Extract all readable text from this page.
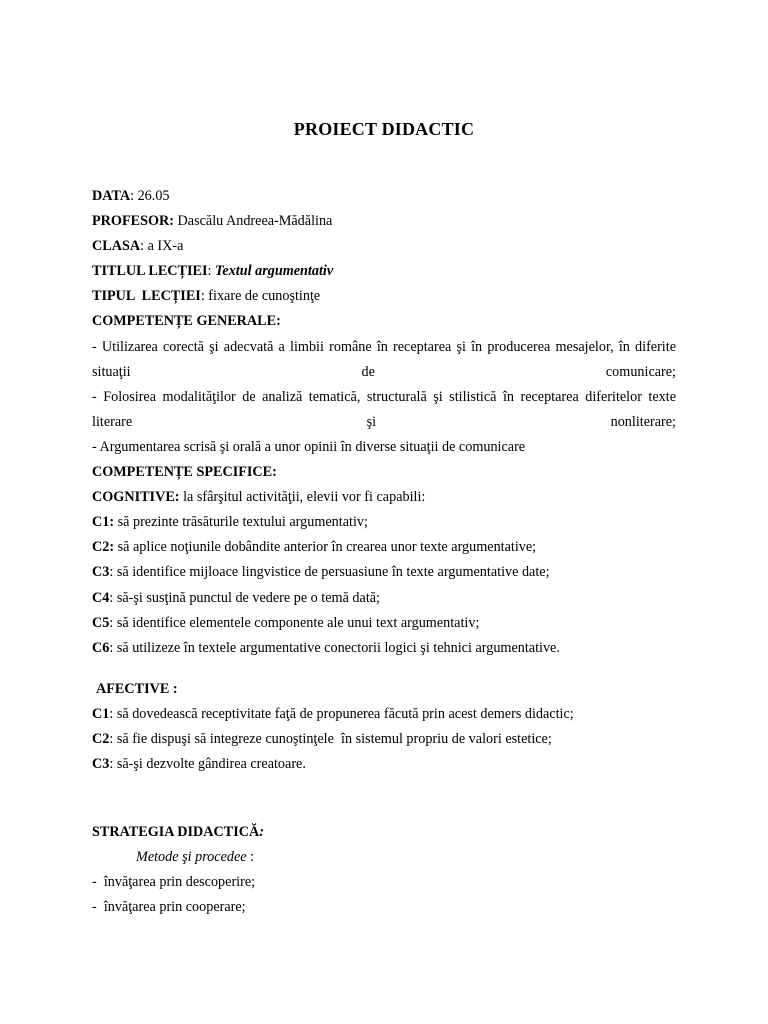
PROIECT DIDACTIC
DATA: 26.05
PROFESOR: Dascălu Andreea-Mădălina
CLASA: a IX-a
TITLUL LECȚIEI: Textul argumentativ
TIPUL  LECȚIEI: fixare de cunoştinţe
COMPETENȚE GENERALE:
- Utilizarea corectă şi adecvată a limbii române în receptarea şi în producerea mesajelor, în diferite situaţii de comunicare;
- Folosirea modalităţilor de analiză tematică, structurală şi stilistică în receptarea diferitelor texte literare şi nonliterare;
- Argumentarea scrisă şi orală a unor opinii în diverse situaţii de comunicare
COMPETENȚE SPECIFICE:
COGNITIVE: la sfârşitul activităţii, elevii vor fi capabili:
C1: să prezinte trăsăturile textului argumentativ;
C2: să aplice noţiunile dobândite anterior în crearea unor texte argumentative;
C3: să identifice mijloace lingvistice de persuasiune în texte argumentative date;
C4: să-şi susţină punctul de vedere pe o temă dată;
C5: să identifice elementele componente ale unui text argumentativ;
C6: să utilizeze în textele argumentative conectorii logici şi tehnici argumentative.
AFECTIVE :
C1: să dovedească receptivitate faţă de propunerea făcută prin acest demers didactic;
C2: să fie dispuşi să integreze cunoştinţele  în sistemul propriu de valori estetice;
C3: să-şi dezvolte gândirea creatoare.
STRATEGIA DIDACTICĂ:
Metode şi procedee :
-  învăţarea prin descoperire;
-  învăţarea prin cooperare;
